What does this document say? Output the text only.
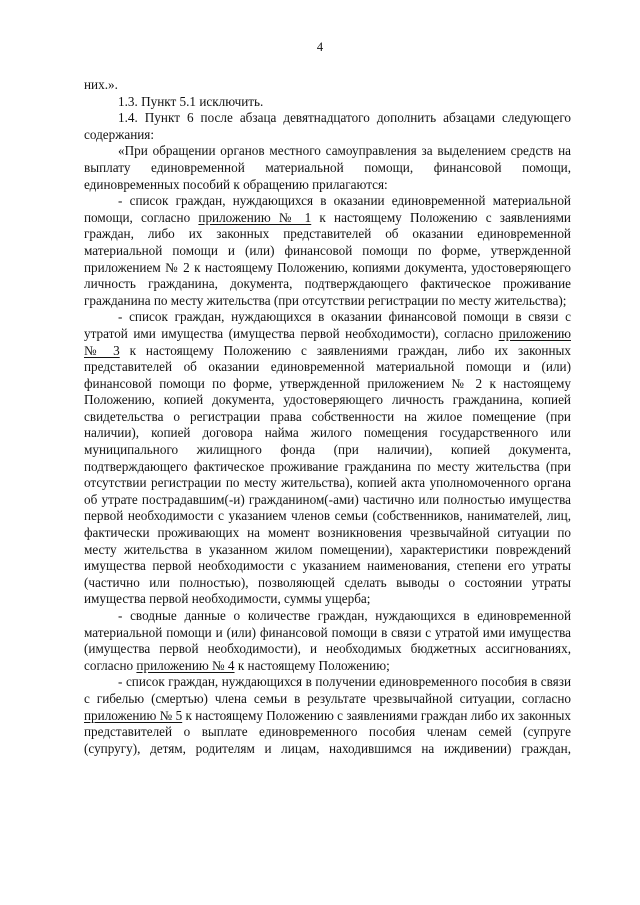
4

них.».

1.3. Пункт 5.1 исключить.

1.4. Пункт 6 после абзаца девятнадцатого дополнить абзацами следующего содержания:

«При обращении органов местного самоуправления за выделением средств на выплату единовременной материальной помощи, финансовой помощи, единовременных пособий к обращению прилагаются:

- список граждан, нуждающихся в оказании единовременной материальной помощи, согласно приложению № 1 к настоящему Положению с заявлениями граждан, либо их законных представителей об оказании единовременной материальной помощи и (или) финансовой помощи по форме, утвержденной приложением № 2 к настоящему Положению, копиями документа, удостоверяющего личность гражданина, документа, подтверждающего фактическое проживание гражданина по месту жительства (при отсутствии регистрации по месту жительства);

- список граждан, нуждающихся в оказании финансовой помощи в связи с утратой ими имущества (имущества первой необходимости), согласно приложению № 3 к настоящему Положению с заявлениями граждан, либо их законных представителей об оказании единовременной материальной помощи и (или) финансовой помощи по форме, утвержденной приложением № 2 к настоящему Положению, копией документа, удостоверяющего личность гражданина, копией свидетельства о регистрации права собственности на жилое помещение (при наличии), копией договора найма жилого помещения государственного или муниципального жилищного фонда (при наличии), копией документа, подтверждающего фактическое проживание гражданина по месту жительства (при отсутствии регистрации по месту жительства), копией акта уполномоченного органа об утрате пострадавшим(-и) гражданином(-ами) частично или полностью имущества первой необходимости с указанием членов семьи (собственников, нанимателей, лиц, фактически проживающих на момент возникновения чрезвычайной ситуации по месту жительства в указанном жилом помещении), характеристики повреждений имущества первой необходимости с указанием наименования, степени его утраты (частично или полностью), позволяющей сделать выводы о состоянии утраты имущества первой необходимости, суммы ущерба;

- сводные данные о количестве граждан, нуждающихся в единовременной материальной помощи и (или) финансовой помощи в связи с утратой ими имущества (имущества первой необходимости), и необходимых бюджетных ассигнованиях, согласно приложению № 4 к настоящему Положению;

- список граждан, нуждающихся в получении единовременного пособия в связи с гибелью (смертью) члена семьи в результате чрезвычайной ситуации, согласно приложению № 5 к настоящему Положению с заявлениями граждан либо их законных представителей о выплате единовременного пособия членам семей (супруге (супругу), детям, родителям и лицам, находившимся на иждивении) граждан,
